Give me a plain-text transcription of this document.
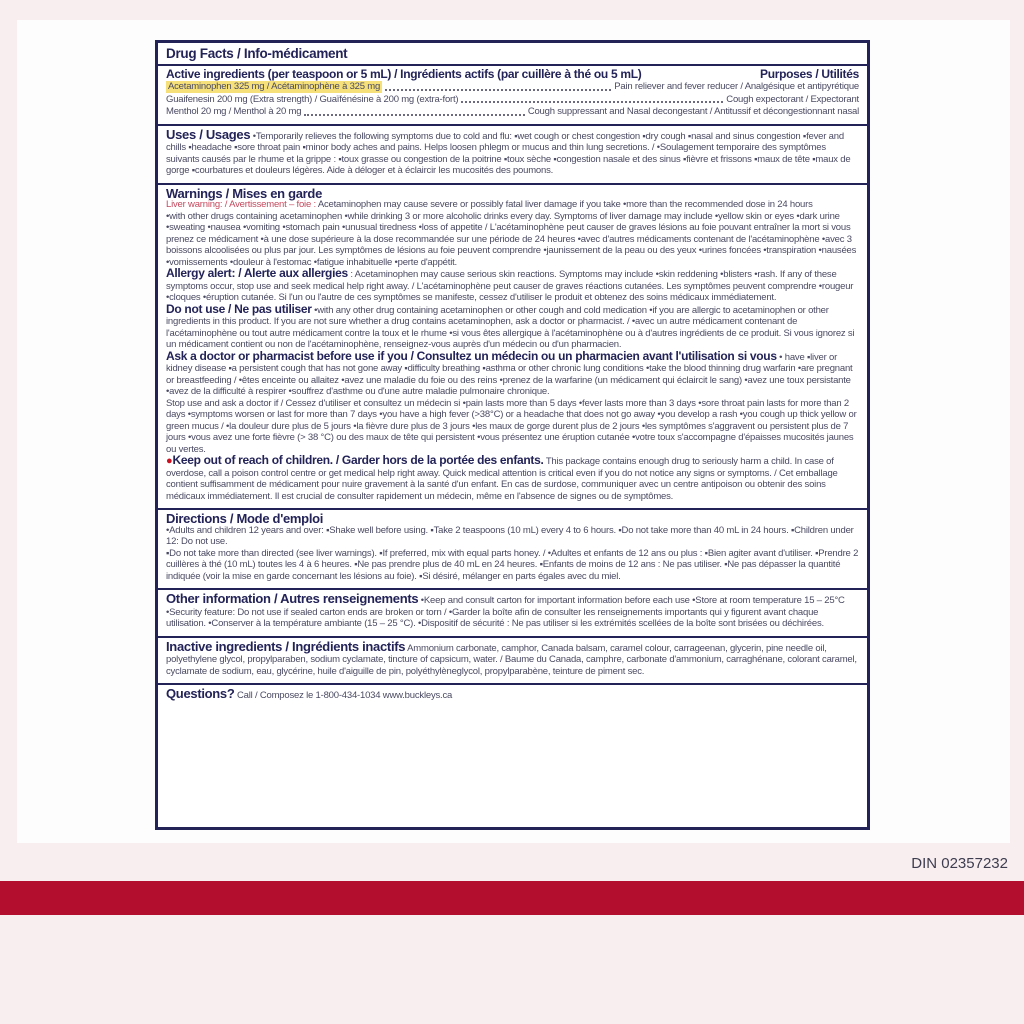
Drug Facts / Info-médicament
Active ingredients (per teaspoon or 5 mL) / Ingrédients actifs (par cuillère à thé ou 5 mL)	Purposes / Utilités
Acetaminophen 325 mg / Acétaminophène à 325 mg	Pain reliever and fever reducer / Analgésique et antipyrétique
Guaifenesin 200 mg (Extra strength) / Guaïfénésine à 200 mg (extra-fort)	Cough expectorant / Expectorant
Menthol 20 mg / Menthol à 20 mg	Cough suppressant and Nasal decongestant / Antitussif et décongestionnant nasal

Uses / Usages •Temporarily relieves the following symptoms due to cold and flu: ▪wet cough or chest congestion ▪dry cough ▪nasal and sinus congestion ▪fever and chills ▪headache ▪sore throat pain ▪minor body aches and pains. Helps loosen phlegm or mucus and thin lung secretions. / •Soulagement temporaire des symptômes suivants causés par le rhume et la grippe : ▪toux grasse ou congestion de la poitrine ▪toux sèche ▪congestion nasale et des sinus ▪fièvre et frissons ▪maux de tête ▪maux de gorge ▪courbatures et douleurs légères. Aide à déloger et à éclaircir les mucosités des poumons.

Warnings / Mises en garde

Liver warning: / Avertissement – foie : Acetaminophen may cause severe or possibly fatal liver damage if you take •more than the recommended dose in 24 hours

•with other drugs containing acetaminophen •while drinking 3 or more alcoholic drinks every day. Symptoms of liver damage may include •yellow skin or eyes •dark urine •sweating •nausea •vomiting •stomach pain •unusual tiredness •loss of appetite / L'acétaminophène peut causer de graves lésions au foie pouvant entraîner la mort si vous prenez ce médicament •à une dose supérieure à la dose recommandée sur une période de 24 heures •avec d'autres médicaments contenant de l'acétaminophène •avec 3 boissons alcoolisées ou plus par jour. Les symptômes de lésions au foie peuvent comprendre •jaunissement de la peau ou des yeux •urines foncées •transpiration •nausées •vomissements •douleur à l'estomac •fatigue inhabituelle •perte d'appétit.

Allergy alert: / Alerte aux allergies : Acetaminophen may cause serious skin reactions. Symptoms may include •skin reddening •blisters •rash. If any of these symptoms occur, stop use and seek medical help right away. / L'acétaminophène peut causer de graves réactions cutanées. Les symptômes peuvent comprendre •rougeur •cloques •éruption cutanée. Si l'un ou l'autre de ces symptômes se manifeste, cessez d'utiliser le produit et obtenez des soins médicaux immédiatement.

Do not use / Ne pas utiliser •with any other drug containing acetaminophen or other cough and cold medication •if you are allergic to acetaminophen or other ingredients in this product. If you are not sure whether a drug contains acetaminophen, ask a doctor or pharmacist. / •avec un autre médicament contenant de l'acétaminophène ou tout autre médicament contre la toux et le rhume •si vous êtes allergique à l'acétaminophène ou à d'autres ingrédients de ce produit. Si vous ignorez si un médicament contient ou non de l'acétaminophène, renseignez-vous auprès d'un médecin ou d'un pharmacien.

Ask a doctor or pharmacist before use if you / Consultez un médecin ou un pharmacien avant l'utilisation si vous • have ▪liver or kidney disease ▪a persistent cough that has not gone away ▪difficulty breathing ▪asthma or other chronic lung conditions •take the blood thinning drug warfarin •are pregnant or breastfeeding / •êtes enceinte ou allaitez •avez une maladie du foie ou des reins •prenez de la warfarine (un médicament qui éclaircit le sang) •avez une toux persistante •avez de la difficulté à respirer •souffrez d'asthme ou d'une autre maladie pulmonaire chronique.

Stop use and ask a doctor if / Cessez d'utiliser et consultez un médecin si •pain lasts more than 5 days •fever lasts more than 3 days •sore throat pain lasts for more than 2 days •symptoms worsen or last for more than 7 days •you have a high fever (>38°C) or a headache that does not go away •you develop a rash •you cough up thick yellow or green mucus / •la douleur dure plus de 5 jours •la fièvre dure plus de 3 jours •les maux de gorge durent plus de 2 jours •les symptômes s'aggravent ou persistent plus de 7 jours •vous avez une forte fièvre (> 38 °C) ou des maux de tête qui persistent •vous présentez une éruption cutanée •votre toux s'accompagne d'épaisses mucosités jaunes ou vertes.

●Keep out of reach of children. / Garder hors de la portée des enfants. This package contains enough drug to seriously harm a child. In case of overdose, call a poison control centre or get medical help right away. Quick medical attention is critical even if you do not notice any signs or symptoms. / Cet emballage contient suffisamment de médicament pour nuire gravement à la santé d'un enfant. En cas de surdose, communiquer avec un centre antipoison ou obtenir des soins médicaux immédiatement. Il est crucial de consulter rapidement un médecin, même en l'absence de signes ou de symptômes.

Directions / Mode d'emploi

•Adults and children 12 years and over: ▪Shake well before using. ▪Take 2 teaspoons (10 mL) every 4 to 6 hours. ▪Do not take more than 40 mL in 24 hours. ▪Children under 12: Do not use.

▪Do not take more than directed (see liver warnings). ▪If preferred, mix with equal parts honey. / •Adultes et enfants de 12 ans ou plus : ▪Bien agiter avant d'utiliser. ▪Prendre 2 cuillères à thé (10 mL) toutes les 4 à 6 heures. ▪Ne pas prendre plus de 40 mL en 24 heures. ▪Enfants de moins de 12 ans : Ne pas utiliser. ▪Ne pas dépasser la quantité indiquée (voir la mise en garde concernant les lésions au foie). ▪Si désiré, mélanger en parts égales avec du miel.

Other information / Autres renseignements •Keep and consult carton for important information before each use •Store at room temperature 15 – 25°C •Security feature: Do not use if sealed carton ends are broken or torn / •Garder la boîte afin de consulter les renseignements importants qui y figurent avant chaque utilisation. •Conserver à la température ambiante (15 – 25 °C). •Dispositif de sécurité : Ne pas utiliser si les extrémités scellées de la boîte sont brisées ou déchirées.

Inactive ingredients / Ingrédients inactifs Ammonium carbonate, camphor, Canada balsam, caramel colour, carrageenan, glycerin, pine needle oil, polyethylene glycol, propylparaben, sodium cyclamate, tincture of capsicum, water. / Baume du Canada, camphre, carbonate d'ammonium, carraghénane, colorant caramel, cyclamate de sodium, eau, glycérine, huile d'aiguille de pin, polyéthylèneglycol, propylparabène, teinture de piment sec.

Questions? Call / Composez le 1-800-434-1034 www.buckleys.ca

DIN 02357232
